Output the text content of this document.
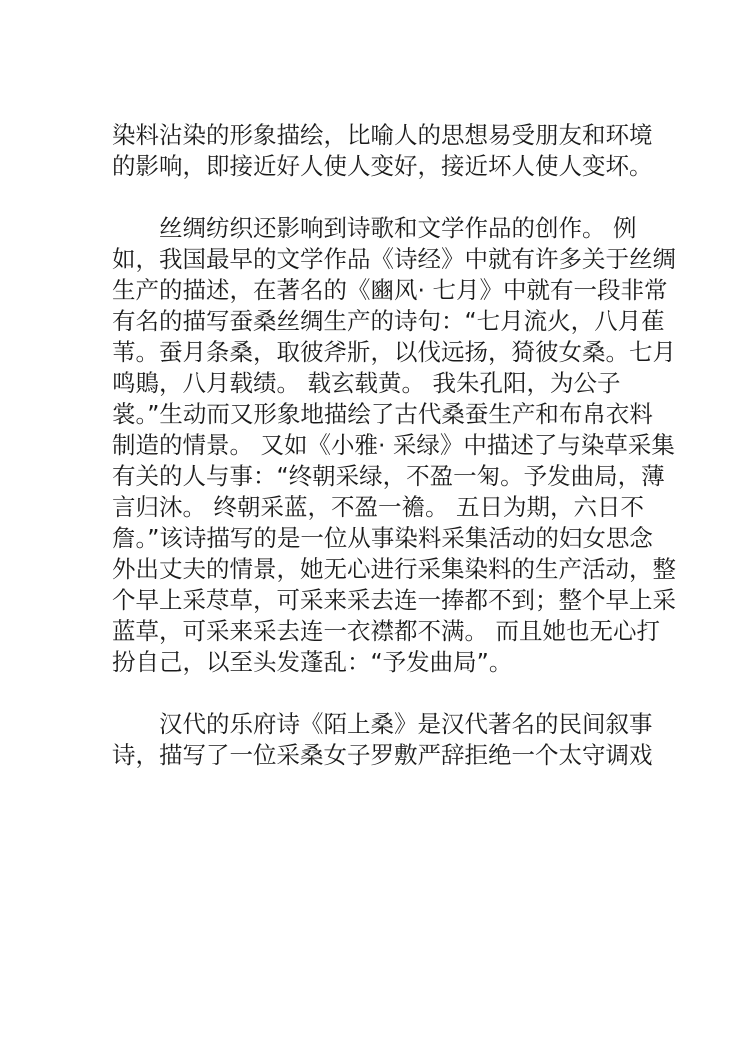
染料沾染的形象描绘，比喻人的思想易受朋友和环境
的影响，即接近好人使人变好，接近坏人使人变坏。
丝绸纺织还影响到诗歌和文学作品的创作。 例
如，我国最早的文学作品《诗经》中就有许多关于丝绸
生产的描述，在著名的《豳风· 七月》中就有一段非常
有名的描写蚕桑丝绸生产的诗句：“七月流火，八月萑
苇。蚕月条桑，取彼斧斨，以伐远扬，猗彼女桑。七月
鸣鵙，八月载绩。 载玄载黄。 我朱孔阳，为公子
裳。”生动而又形象地描绘了古代桑蚕生产和布帛衣料
制造的情景。 又如《小雅· 采绿》中描述了与染草采集
有关的人与事：“终朝采绿，不盈一匊。予发曲局，薄
言归沐。 终朝采蓝，不盈一襜。 五日为期，六日不
詹。”该诗描写的是一位从事染料采集活动的妇女思念
外出丈夫的情景，她无心进行采集染料的生产活动，整
个早上采荩草，可采来采去连一捧都不到；整个早上采
蓝草，可采来采去连一衣襟都不满。 而且她也无心打
扮自己，以至头发蓬乱：“予发曲局”。
汉代的乐府诗《陌上桑》是汉代著名的民间叙事
诗，描写了一位采桑女子罗敷严辞拒绝一个太守调戏
